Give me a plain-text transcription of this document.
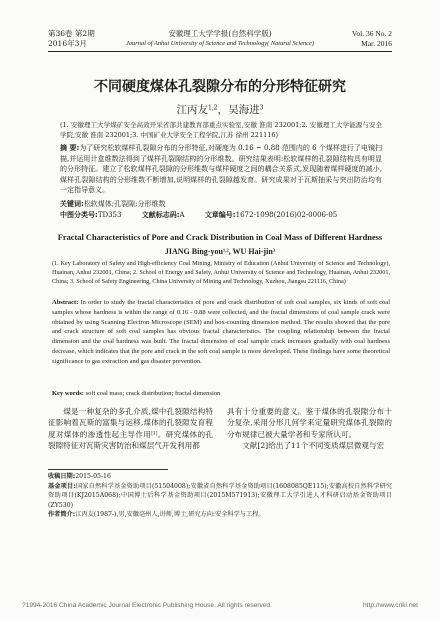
第36卷 第2期
2016年3月
安徽理工大学学报(自然科学版)
Journal of Anhui University of Science and Technology( Natural Science)
Vol. 36 No. 2
Mar. 2016
不同硬度煤体孔裂隙分布的分形特征研究
江丙友$^{1,2}$，吴海进$^3$
(1. 安徽理工大学煤矿安全高效开采省部共建教育部重点实验室,安徽 淮南 232001;2. 安徽理工大学能源与安全学院,安徽 淮南 232001;3. 中国矿业大学安全工程学院,江苏 徐州 221116)
摘 要:为了研究松软煤样孔裂隙分布的分形特征,对硬度为 0.16 ~ 0.88 范围内的 6 个煤样进行了电镜扫描,并运用计盒维数法得到了煤样孔裂隙结构的分形维数。研究结果表明:松软煤样的孔裂隙结构具有明显的分形特征。建立了松软煤样孔裂隙的分形维数与煤样硬度之间的耦合关系式,发现随着煤样硬度的减小,煤样孔裂隙结构的分形维数不断增加,说明煤样的孔裂隙越发育。研究成果对于瓦斯抽采与突出防治均有一定指导意义。
关键词:松软煤体;孔裂隙;分形维数
中图分类号:TD353	文献标志码:A	文章编号:1672-1098(2016)02-0006-05
Fractal Characteristics of Pore and Crack Distribution in Coal Mass of Different Hardness
JIANG Bing-you$^{1,2}$, WU Hai-jin$^3$
(1. Key Laboratory of Safety and High-efficiency Coal Mining, Ministry of Education (Anhui University of Science and Technology), Huainan, Anhui 232001, China; 2. School of Energy and Safety, Anhui University of Science and Technology, Huainan, Anhui 232001, China; 3. School of Safety Engineering, China University of Mining and Technology, Xuzhou, Jiangsu 221116, China)
Abstract: In order to study the fractal characteristics of pore and crack distribution of soft coal samples, six kinds of soft coal samples whose hardness is within the range of 0.16 - 0.88 were collected, and the fractal dimensions of coal sample crack were obtained by using Scanning Electron Microscope (SEM) and box-counting dimension method. The results showed that the pore and crack structure of soft coal samples has obvious fractal characteristics. The coupling relationship between the fractal dimension and the coal hardness was built. The fractal dimension of coal sample crack increases gradually with coal hardness decrease, which indicates that the pore and crack in the soft coal sample is more developed. These findings have some theoretical significance to gas extraction and gas disaster prevention.
Key words: soft coal mass; crack distribution; fractal dimension

煤是一种复杂的多孔介质,煤中孔裂隙结构特征影响着瓦斯的富集与运移,煤体的孔裂隙发育程度对煤体的渗透性起主导作用[1]。研究煤体的孔裂隙特征对瓦斯灾害防治和煤层气开发利用都

具有十分重要的意义。鉴于煤体的孔裂隙分布十分复杂,采用分形几何学来定量研究煤体孔裂隙的分布规律已被大量学者和专家所认可。

文献[2]给出了11个不同变质煤层微观与宏

收稿日期:2015-05-16
基金项目:国家自然科学基金资助项目(51504008);安徽省自然科学基金资助项目(1608085QE115);安徽高校自然科学研究资助项目(KJ2015A068);中国博士后科学基金资助项目(2015M571913);安徽理工大学引进人才科研启动基金资助项目(ZY530)
作者简介:江丙友(1987-),男,安徽亳州人,讲师,博士,研究方向:安全科学与工程。
?1994-2016 China Academic Journal Electronic Publishing House. All rights reserved.	http://www.cnki.net
